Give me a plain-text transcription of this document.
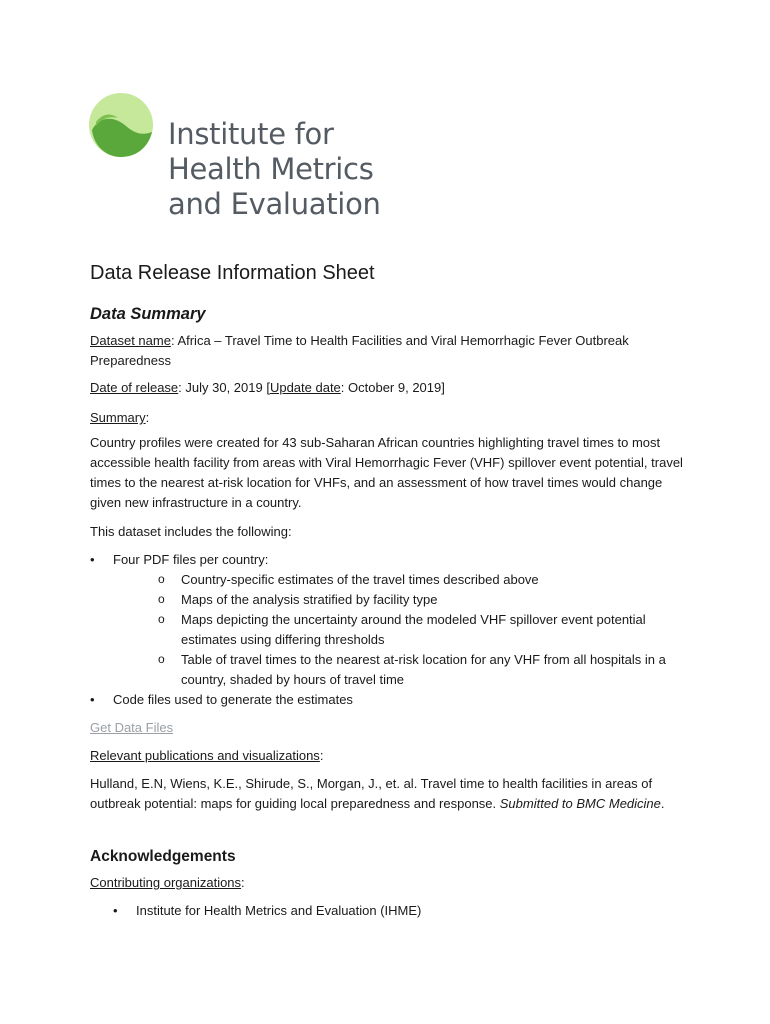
Institute for
Health Metrics
and Evaluation
Data Release Information Sheet
Data Summary
Dataset name: Africa – Travel Time to Health Facilities and Viral Hemorrhagic Fever Outbreak Preparedness
Date of release: July 30, 2019 [Update date: October 9, 2019]
Summary:
Country profiles were created for 43 sub-Saharan African countries highlighting travel times to most accessible health facility from areas with Viral Hemorrhagic Fever (VHF) spillover event potential, travel times to the nearest at-risk location for VHFs, and an assessment of how travel times would change given new infrastructure in a country.
This dataset includes the following:
• Four PDF files per country:
o Country-specific estimates of the travel times described above
o Maps of the analysis stratified by facility type
o Maps depicting the uncertainty around the modeled VHF spillover event potential estimates using differing thresholds
o Table of travel times to the nearest at-risk location for any VHF from all hospitals in a country, shaded by hours of travel time
• Code files used to generate the estimates
Get Data Files
Relevant publications and visualizations:
Hulland, E.N, Wiens, K.E., Shirude, S., Morgan, J., et. al. Travel time to health facilities in areas of outbreak potential: maps for guiding local preparedness and response. Submitted to BMC Medicine.
Acknowledgements
Contributing organizations:
• Institute for Health Metrics and Evaluation (IHME)
